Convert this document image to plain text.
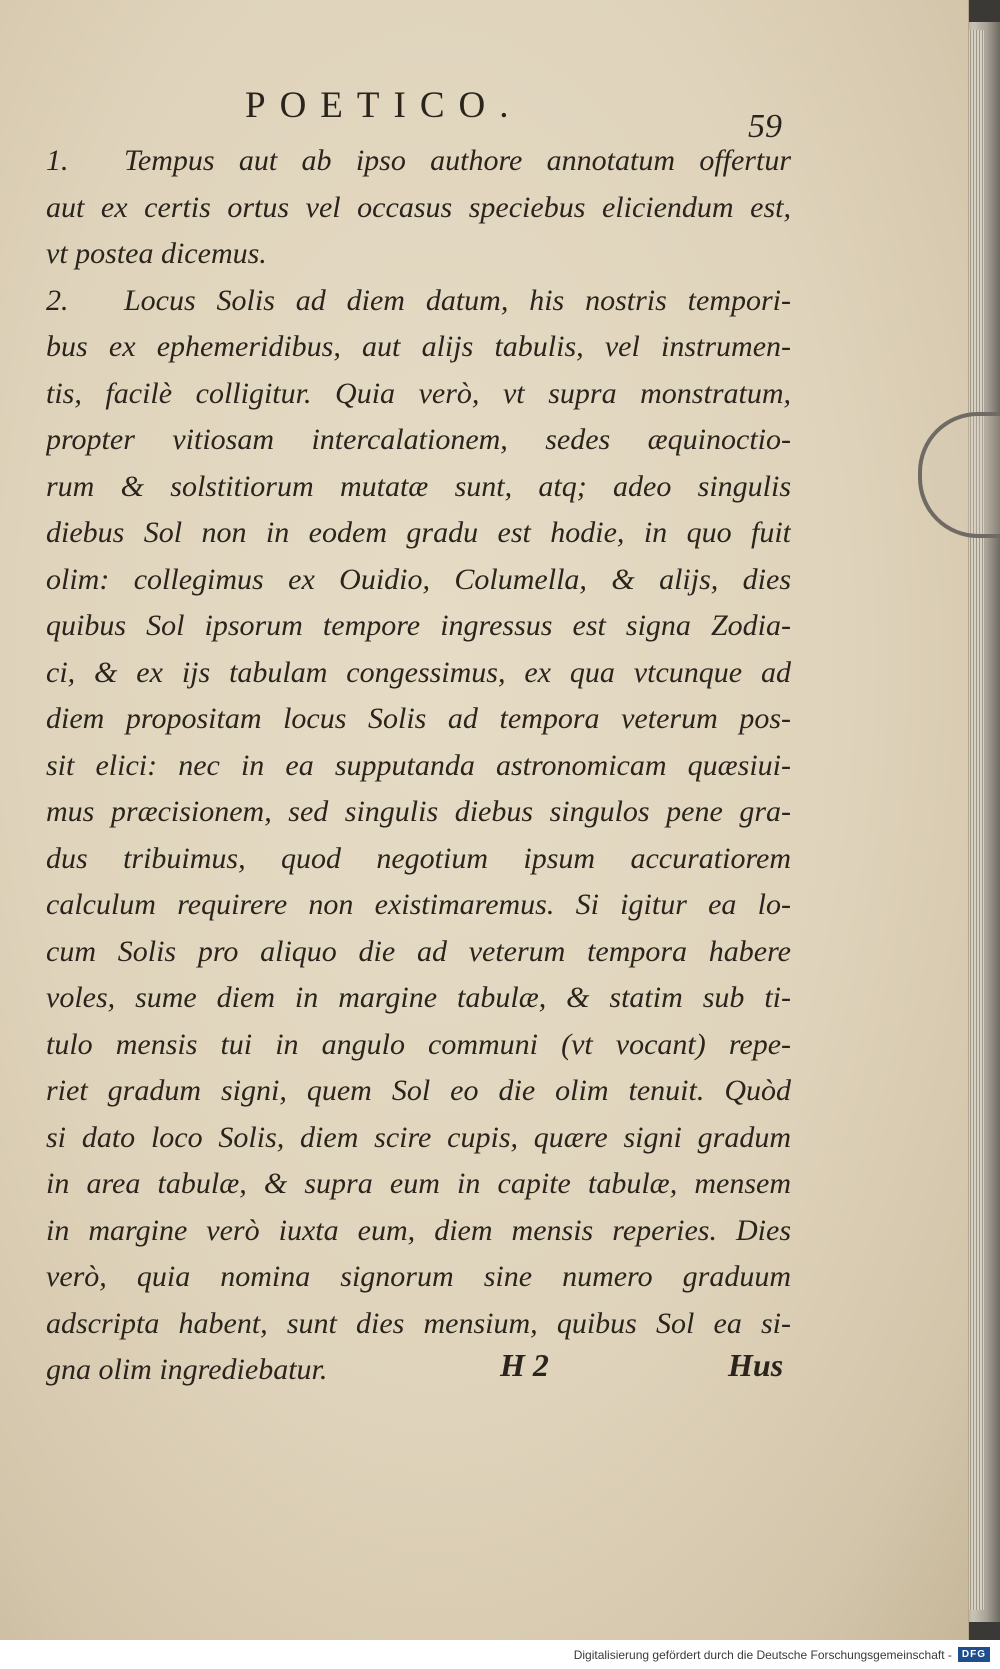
POETICO.
59
1. Tempus aut ab ipso authore annotatum offertur
aut ex certis ortus vel occasus speciebus eliciendum est,
vt postea dicemus.
2. Locus Solis ad diem datum, his nostris tempori-
bus ex ephemeridibus, aut aliјs tabulis, vel instrumen-
tis, facilè colligitur. Quia verò, vt supra monstratum,
propter vitiosam intercalationem, sedes æquinoctio-
rum & solstitiorum mutatæ sunt, atq; adeo singulis
diebus Sol non in eodem gradu est hodie, in quo fuit
olim: collegimus ex Ouidio, Columella, & aliјs, dies
quibus Sol ipsorum tempore ingressus est signa Zodia-
ci, & ex ijs tabulam congessimus, ex qua vtcunque ad
diem propositam locus Solis ad tempora veterum pos-
sit elici: nec in ea supputanda astronomicam quæsiui-
mus præcisionem, sed singulis diebus singulos pene gra-
dus tribuimus, quod negotium ipsum accuratiorem
calculum requirere non existimaremus. Si igitur ea lo-
cum Solis pro aliquo die ad veterum tempora habere
voles, sume diem in margine tabulæ, & statim sub ti-
tulo mensis tui in angulo communi (vt vocant) repe-
riet gradum signi, quem Sol eo die olim tenuit. Quòd
si dato loco Solis, diem scire cupis, quære signi gradum
in area tabulæ, & supra eum in capite tabulæ, mensem
in margine verò iuxta eum, diem mensis reperies. Dies
verò, quia nomina signorum sine numero graduum
adscripta habent, sunt dies mensium, quibus Sol ea si-
gna olim ingrediebatur.	H 2	Hus
Digitalisierung gefördert durch die Deutsche Forschungsgemeinschaft -	DFG
